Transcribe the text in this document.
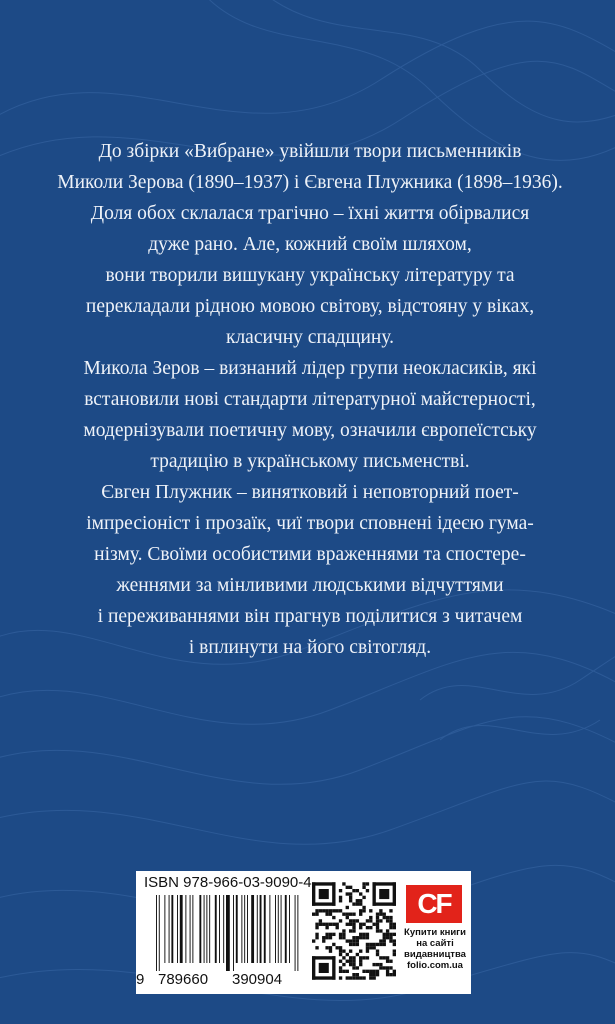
До збірки «Вибране» увійшли твори письменників
Миколи Зерова (1890–1937) і Євгена Плужника (1898–1936).
Доля обох склалася трагічно – їхні життя обірвалися
дуже рано. Але, кожний своїм шляхом,
вони творили вишукану українську літературу та
перекладали рідною мовою світову, відстояну у віках,
класичну спадщину.

Микола Зеров – визнаний лідер групи неокласиків, які
встановили нові стандарти літературної майстерності,
модернізували поетичну мову, означили європеїстську
традицію в українському письменстві.

Євген Плужник – винятковий і неповторний поет-
імпресіоніст і прозаїк, чиї твори сповнені ідеєю гума-
нізму. Своїми особистими враженнями та спостере-
женнями за мінливими людськими відчуттями
і переживаннями він прагнув поділитися з читачем
і вплинути на його світогляд.

ISBN 978-966-03-9090-4
9 789660 390904
CF
Купити книги
на сайті
видавництва
folio.com.ua
